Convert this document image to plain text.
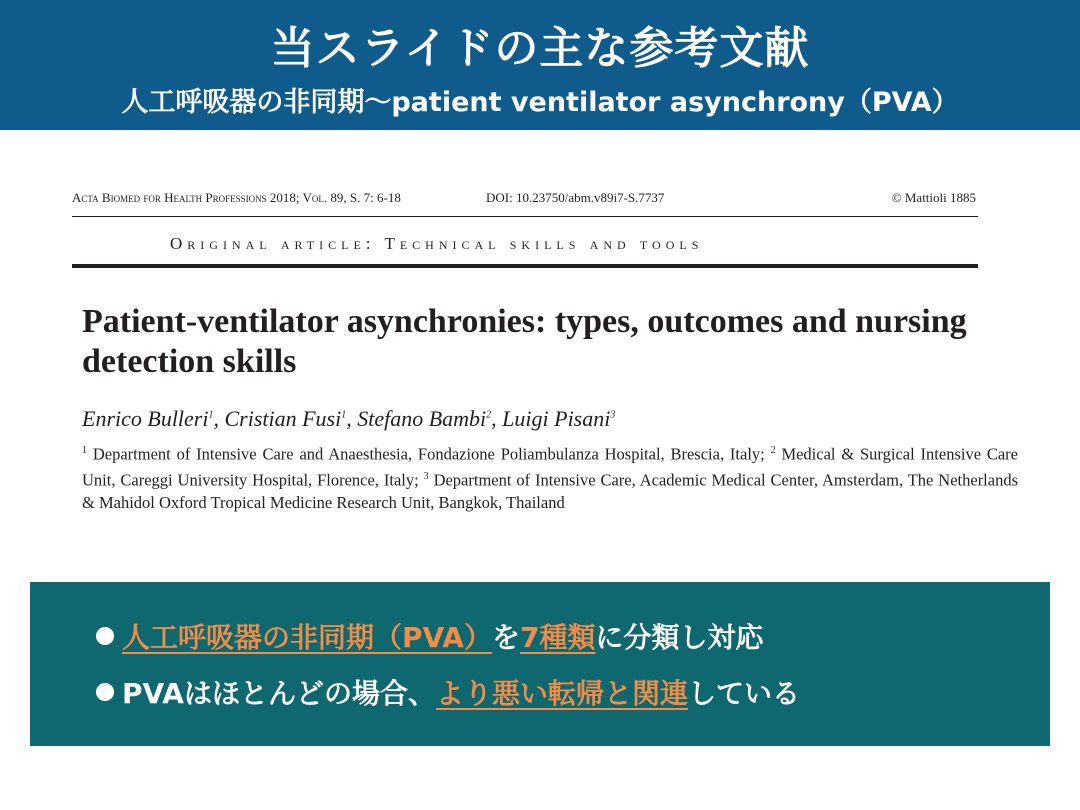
当スライドの主な参考文献
人工呼吸器の非同期～patient ventilator asynchrony（PVA）
Acta Biomed for Health Professions 2018; Vol. 89, S. 7: 6-18	DOI: 10.23750/abm.v89i7-S.7737	© Mattioli 1885
Original article: Technical skills and tools
Patient-ventilator asynchronies: types, outcomes and nursing detection skills
Enrico Bulleri$^1$, Cristian Fusi$^1$, Stefano Bambi$^2$, Luigi Pisani$^3$
$^1$ Department of Intensive Care and Anaesthesia, Fondazione Poliambulanza Hospital, Brescia, Italy; $^2$ Medical & Surgical Intensive Care Unit, Careggi University Hospital, Florence, Italy; $^3$ Department of Intensive Care, Academic Medical Center, Amsterdam, The Netherlands & Mahidol Oxford Tropical Medicine Research Unit, Bangkok, Thailand
人工呼吸器の非同期（PVA）を7種類に分類し対応
PVAはほとんどの場合、より悪い転帰と関連している
